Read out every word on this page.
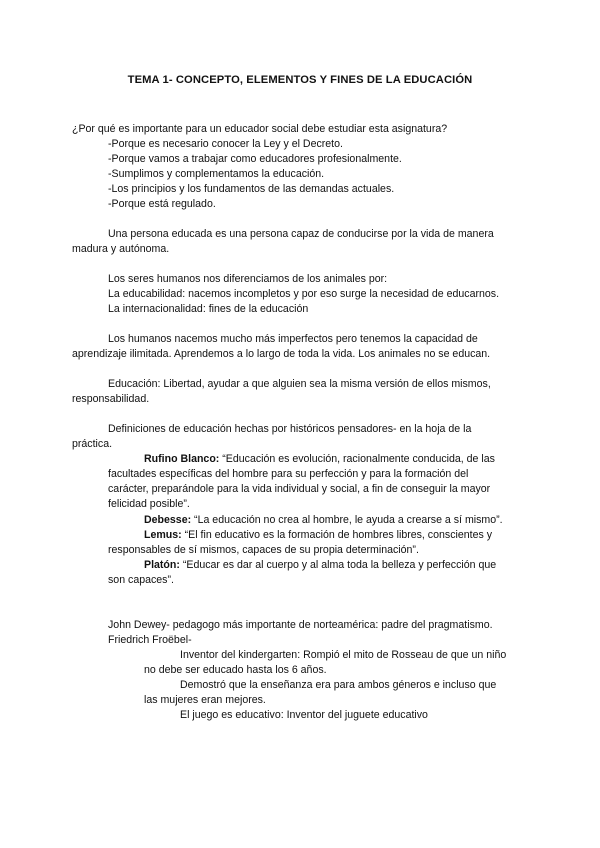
TEMA 1- CONCEPTO, ELEMENTOS Y FINES DE LA EDUCACIÓN
¿Por qué es importante para un educador social debe estudiar esta asignatura?
-Porque es necesario conocer la Ley y el Decreto.
-Porque vamos a trabajar como educadores profesionalmente.
-Sumplimos y complementamos la educación.
-Los principios y los fundamentos de las demandas actuales.
-Porque está regulado.
Una persona educada es una persona capaz de conducirse por la vida de manera
madura y autónoma.
Los seres humanos nos diferenciamos de los animales por:
La educabilidad: nacemos incompletos y por eso surge la necesidad de educarnos.
La internacionalidad: fines de la educación
Los humanos nacemos mucho más imperfectos pero tenemos la capacidad de
aprendizaje ilimitada. Aprendemos a lo largo de toda la vida. Los animales no se educan.
Educación: Libertad, ayudar a que alguien sea la misma versión de ellos mismos,
responsabilidad.
Definiciones de educación hechas por históricos pensadores- en la hoja de la
práctica.
Rufino Blanco: “Educación es evolución, racionalmente conducida, de las
facultades específicas del hombre para su perfección y para la formación del
carácter, preparándole para la vida individual y social, a fin de conseguir la mayor
felicidad posible”.
Debesse: “La educación no crea al hombre, le ayuda a crearse a sí mismo”.
Lemus: “El fin educativo es la formación de hombres libres, conscientes y
responsables de sí mismos, capaces de su propia determinación”.
Platón: “Educar es dar al cuerpo y al alma toda la belleza y perfección que
son capaces”.
John Dewey- pedagogo más importante de norteamérica: padre del pragmatismo.
Friedrich Froëbel-
Inventor del kindergarten: Rompió el mito de Rosseau de que un niño
no debe ser educado hasta los 6 años.
Demostró que la enseñanza era para ambos géneros e incluso que
las mujeres eran mejores.
El juego es educativo: Inventor del juguete educativo
